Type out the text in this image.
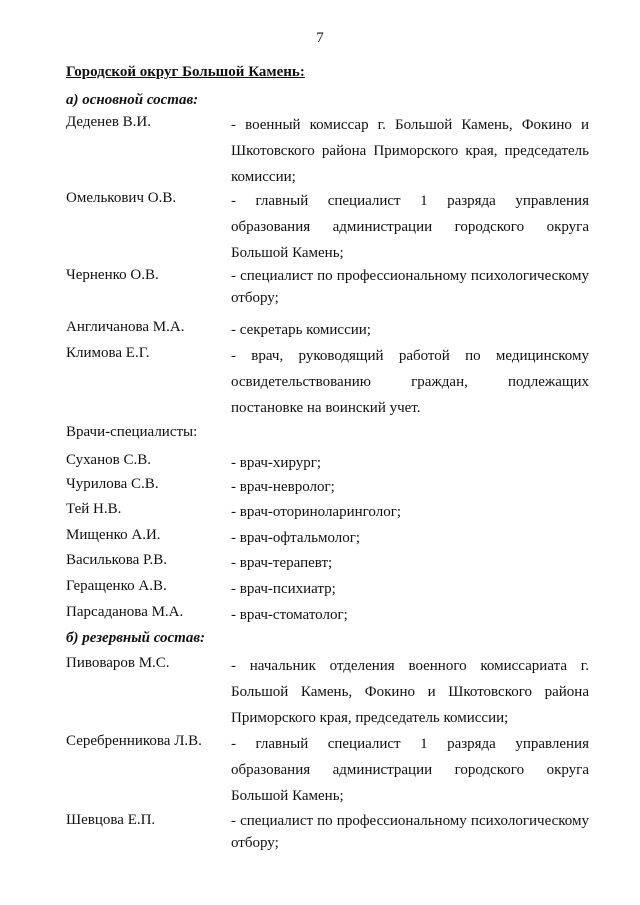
7
Городской округ Большой Камень:
а) основной состав:
Деденев В.И.	- военный комиссар г. Большой Камень, Фокино и Шкотовского района Приморского края, председатель комиссии;
Омелькович О.В.	- главный специалист 1 разряда управления образования администрации городского округа Большой Камень;
Черненко О.В.	- специалист по профессиональному психологическому отбору;
Англичанова М.А.	- секретарь комиссии;
Климова Е.Г.	- врач, руководящий работой по медицинскому освидетельствованию граждан, подлежащих постановке на воинский учет.
Врачи-специалисты:
Суханов С.В.	- врач-хирург;
Чурилова С.В.	- врач-невролог;
Тей Н.В.	- врач-оториноларинголог;
Мищенко А.И.	- врач-офтальмолог;
Василькова Р.В.	- врач-терапевт;
Геращенко А.В.	- врач-психиатр;
Парсаданова М.А.	- врач-стоматолог;
б) резервный состав:
Пивоваров М.С.	- начальник отделения военного комиссариата г. Большой Камень, Фокино и Шкотовского района Приморского края, председатель комиссии;
Серебренникова Л.В. - главный специалист 1 разряда управления образования администрации городского округа Большой Камень;
Шевцова Е.П.	- специалист по профессиональному психологическому отбору;
